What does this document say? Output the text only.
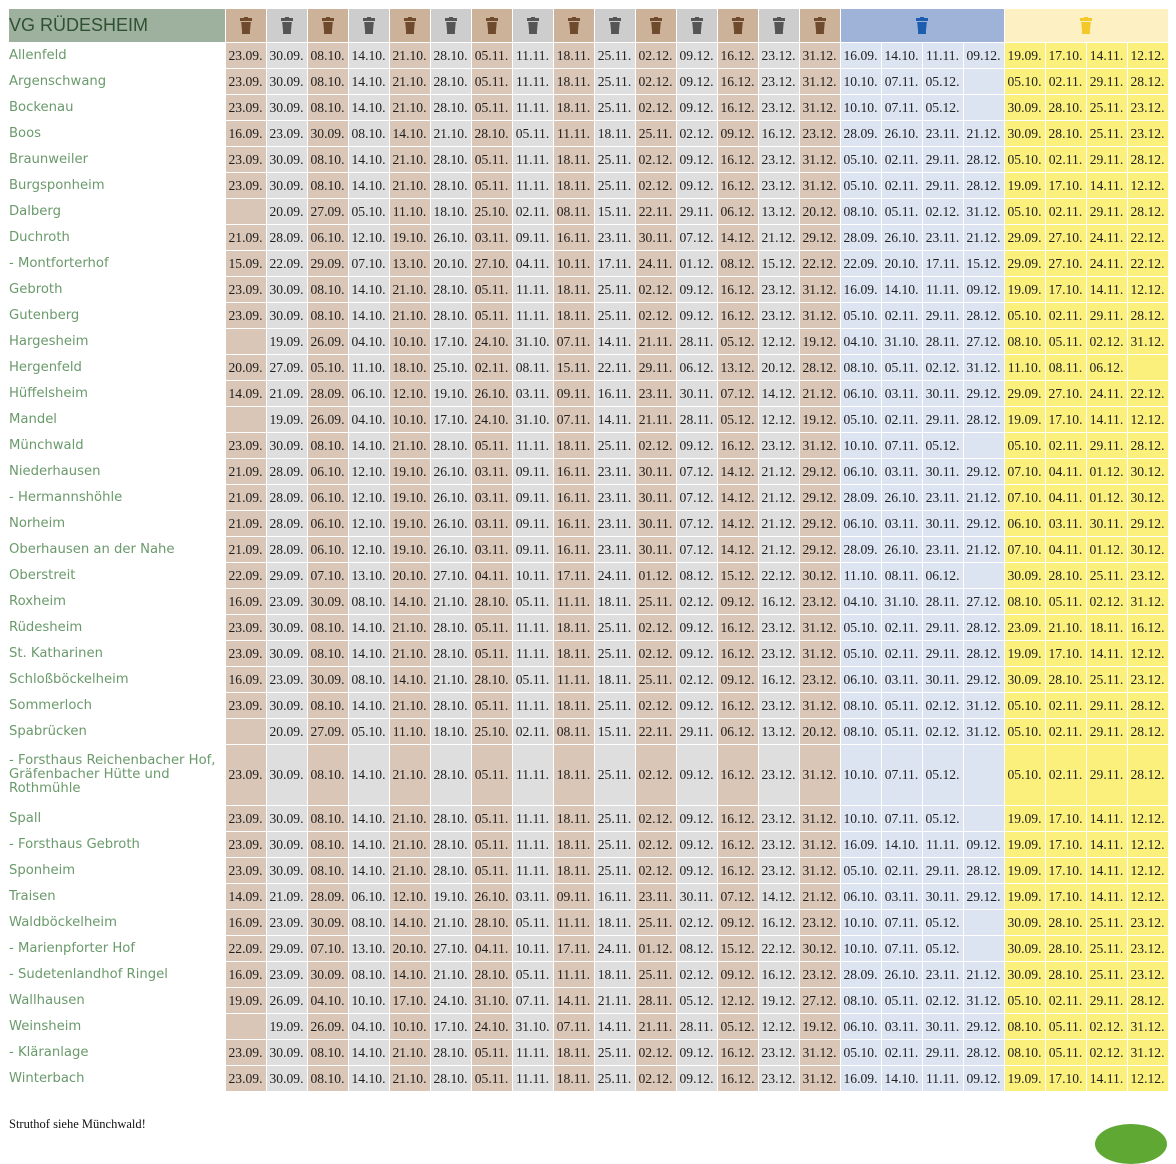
VG RÜDESHEIM	

Allenfeld	23.09.	30.09.	08.10.	14.10.	21.10.	28.10.	05.11.	11.11.	18.11.	25.11.	02.12.	09.12.	16.12.	23.12.	31.12.	16.09.	14.10.	11.11.	09.12.	19.09.	17.10.	14.11.	12.12.
Argenschwang	23.09.	30.09.	08.10.	14.10.	21.10.	28.10.	05.11.	11.11.	18.11.	25.11.	02.12.	09.12.	16.12.	23.12.	31.12.	10.10.	07.11.	05.12.		05.10.	02.11.	29.11.	28.12.
Bockenau	23.09.	30.09.	08.10.	14.10.	21.10.	28.10.	05.11.	11.11.	18.11.	25.11.	02.12.	09.12.	16.12.	23.12.	31.12.	10.10.	07.11.	05.12.		30.09.	28.10.	25.11.	23.12.
Boos	16.09.	23.09.	30.09.	08.10.	14.10.	21.10.	28.10.	05.11.	11.11.	18.11.	25.11.	02.12.	09.12.	16.12.	23.12.	28.09.	26.10.	23.11.	21.12.	30.09.	28.10.	25.11.	23.12.
Braunweiler	23.09.	30.09.	08.10.	14.10.	21.10.	28.10.	05.11.	11.11.	18.11.	25.11.	02.12.	09.12.	16.12.	23.12.	31.12.	05.10.	02.11.	29.11.	28.12.	05.10.	02.11.	29.11.	28.12.
Burgsponheim	23.09.	30.09.	08.10.	14.10.	21.10.	28.10.	05.11.	11.11.	18.11.	25.11.	02.12.	09.12.	16.12.	23.12.	31.12.	05.10.	02.11.	29.11.	28.12.	19.09.	17.10.	14.11.	12.12.
Dalberg		20.09.	27.09.	05.10.	11.10.	18.10.	25.10.	02.11.	08.11.	15.11.	22.11.	29.11.	06.12.	13.12.	20.12.	08.10.	05.11.	02.12.	31.12.	05.10.	02.11.	29.11.	28.12.
Duchroth	21.09.	28.09.	06.10.	12.10.	19.10.	26.10.	03.11.	09.11.	16.11.	23.11.	30.11.	07.12.	14.12.	21.12.	29.12.	28.09.	26.10.	23.11.	21.12.	29.09.	27.10.	24.11.	22.12.
- Montforterhof	15.09.	22.09.	29.09.	07.10.	13.10.	20.10.	27.10.	04.11.	10.11.	17.11.	24.11.	01.12.	08.12.	15.12.	22.12.	22.09.	20.10.	17.11.	15.12.	29.09.	27.10.	24.11.	22.12.
Gebroth	23.09.	30.09.	08.10.	14.10.	21.10.	28.10.	05.11.	11.11.	18.11.	25.11.	02.12.	09.12.	16.12.	23.12.	31.12.	16.09.	14.10.	11.11.	09.12.	19.09.	17.10.	14.11.	12.12.
Gutenberg	23.09.	30.09.	08.10.	14.10.	21.10.	28.10.	05.11.	11.11.	18.11.	25.11.	02.12.	09.12.	16.12.	23.12.	31.12.	05.10.	02.11.	29.11.	28.12.	05.10.	02.11.	29.11.	28.12.
Hargesheim		19.09.	26.09.	04.10.	10.10.	17.10.	24.10.	31.10.	07.11.	14.11.	21.11.	28.11.	05.12.	12.12.	19.12.	04.10.	31.10.	28.11.	27.12.	08.10.	05.11.	02.12.	31.12.
Hergenfeld	20.09.	27.09.	05.10.	11.10.	18.10.	25.10.	02.11.	08.11.	15.11.	22.11.	29.11.	06.12.	13.12.	20.12.	28.12.	08.10.	05.11.	02.12.	31.12.	11.10.	08.11.	06.12.	
Hüffelsheim	14.09.	21.09.	28.09.	06.10.	12.10.	19.10.	26.10.	03.11.	09.11.	16.11.	23.11.	30.11.	07.12.	14.12.	21.12.	06.10.	03.11.	30.11.	29.12.	29.09.	27.10.	24.11.	22.12.
Mandel		19.09.	26.09.	04.10.	10.10.	17.10.	24.10.	31.10.	07.11.	14.11.	21.11.	28.11.	05.12.	12.12.	19.12.	05.10.	02.11.	29.11.	28.12.	19.09.	17.10.	14.11.	12.12.
Münchwald	23.09.	30.09.	08.10.	14.10.	21.10.	28.10.	05.11.	11.11.	18.11.	25.11.	02.12.	09.12.	16.12.	23.12.	31.12.	10.10.	07.11.	05.12.		05.10.	02.11.	29.11.	28.12.
Niederhausen	21.09.	28.09.	06.10.	12.10.	19.10.	26.10.	03.11.	09.11.	16.11.	23.11.	30.11.	07.12.	14.12.	21.12.	29.12.	06.10.	03.11.	30.11.	29.12.	07.10.	04.11.	01.12.	30.12.
- Hermannshöhle	21.09.	28.09.	06.10.	12.10.	19.10.	26.10.	03.11.	09.11.	16.11.	23.11.	30.11.	07.12.	14.12.	21.12.	29.12.	28.09.	26.10.	23.11.	21.12.	07.10.	04.11.	01.12.	30.12.
Norheim	21.09.	28.09.	06.10.	12.10.	19.10.	26.10.	03.11.	09.11.	16.11.	23.11.	30.11.	07.12.	14.12.	21.12.	29.12.	06.10.	03.11.	30.11.	29.12.	06.10.	03.11.	30.11.	29.12.
Oberhausen an der Nahe	21.09.	28.09.	06.10.	12.10.	19.10.	26.10.	03.11.	09.11.	16.11.	23.11.	30.11.	07.12.	14.12.	21.12.	29.12.	28.09.	26.10.	23.11.	21.12.	07.10.	04.11.	01.12.	30.12.
Oberstreit	22.09.	29.09.	07.10.	13.10.	20.10.	27.10.	04.11.	10.11.	17.11.	24.11.	01.12.	08.12.	15.12.	22.12.	30.12.	11.10.	08.11.	06.12.		30.09.	28.10.	25.11.	23.12.
Roxheim	16.09.	23.09.	30.09.	08.10.	14.10.	21.10.	28.10.	05.11.	11.11.	18.11.	25.11.	02.12.	09.12.	16.12.	23.12.	04.10.	31.10.	28.11.	27.12.	08.10.	05.11.	02.12.	31.12.
Rüdesheim	23.09.	30.09.	08.10.	14.10.	21.10.	28.10.	05.11.	11.11.	18.11.	25.11.	02.12.	09.12.	16.12.	23.12.	31.12.	05.10.	02.11.	29.11.	28.12.	23.09.	21.10.	18.11.	16.12.
St. Katharinen	23.09.	30.09.	08.10.	14.10.	21.10.	28.10.	05.11.	11.11.	18.11.	25.11.	02.12.	09.12.	16.12.	23.12.	31.12.	05.10.	02.11.	29.11.	28.12.	19.09.	17.10.	14.11.	12.12.
Schloßböckelheim	16.09.	23.09.	30.09.	08.10.	14.10.	21.10.	28.10.	05.11.	11.11.	18.11.	25.11.	02.12.	09.12.	16.12.	23.12.	06.10.	03.11.	30.11.	29.12.	30.09.	28.10.	25.11.	23.12.
Sommerloch	23.09.	30.09.	08.10.	14.10.	21.10.	28.10.	05.11.	11.11.	18.11.	25.11.	02.12.	09.12.	16.12.	23.12.	31.12.	08.10.	05.11.	02.12.	31.12.	05.10.	02.11.	29.11.	28.12.
Spabrücken		20.09.	27.09.	05.10.	11.10.	18.10.	25.10.	02.11.	08.11.	15.11.	22.11.	29.11.	06.12.	13.12.	20.12.	08.10.	05.11.	02.12.	31.12.	05.10.	02.11.	29.11.	28.12.
- Forsthaus Reichenbacher Hof,
Gräfenbacher Hütte und
Rothmühle	23.09.	30.09.	08.10.	14.10.	21.10.	28.10.	05.11.	11.11.	18.11.	25.11.	02.12.	09.12.	16.12.	23.12.	31.12.	10.10.	07.11.	05.12.		05.10.	02.11.	29.11.	28.12.
Spall	23.09.	30.09.	08.10.	14.10.	21.10.	28.10.	05.11.	11.11.	18.11.	25.11.	02.12.	09.12.	16.12.	23.12.	31.12.	10.10.	07.11.	05.12.		19.09.	17.10.	14.11.	12.12.
- Forsthaus Gebroth	23.09.	30.09.	08.10.	14.10.	21.10.	28.10.	05.11.	11.11.	18.11.	25.11.	02.12.	09.12.	16.12.	23.12.	31.12.	16.09.	14.10.	11.11.	09.12.	19.09.	17.10.	14.11.	12.12.
Sponheim	23.09.	30.09.	08.10.	14.10.	21.10.	28.10.	05.11.	11.11.	18.11.	25.11.	02.12.	09.12.	16.12.	23.12.	31.12.	05.10.	02.11.	29.11.	28.12.	19.09.	17.10.	14.11.	12.12.
Traisen	14.09.	21.09.	28.09.	06.10.	12.10.	19.10.	26.10.	03.11.	09.11.	16.11.	23.11.	30.11.	07.12.	14.12.	21.12.	06.10.	03.11.	30.11.	29.12.	19.09.	17.10.	14.11.	12.12.
Waldböckelheim	16.09.	23.09.	30.09.	08.10.	14.10.	21.10.	28.10.	05.11.	11.11.	18.11.	25.11.	02.12.	09.12.	16.12.	23.12.	10.10.	07.11.	05.12.		30.09.	28.10.	25.11.	23.12.
- Marienpforter Hof	22.09.	29.09.	07.10.	13.10.	20.10.	27.10.	04.11.	10.11.	17.11.	24.11.	01.12.	08.12.	15.12.	22.12.	30.12.	10.10.	07.11.	05.12.		30.09.	28.10.	25.11.	23.12.
- Sudetenlandhof Ringel	16.09.	23.09.	30.09.	08.10.	14.10.	21.10.	28.10.	05.11.	11.11.	18.11.	25.11.	02.12.	09.12.	16.12.	23.12.	28.09.	26.10.	23.11.	21.12.	30.09.	28.10.	25.11.	23.12.
Wallhausen	19.09.	26.09.	04.10.	10.10.	17.10.	24.10.	31.10.	07.11.	14.11.	21.11.	28.11.	05.12.	12.12.	19.12.	27.12.	08.10.	05.11.	02.12.	31.12.	05.10.	02.11.	29.11.	28.12.
Weinsheim		19.09.	26.09.	04.10.	10.10.	17.10.	24.10.	31.10.	07.11.	14.11.	21.11.	28.11.	05.12.	12.12.	19.12.	06.10.	03.11.	30.11.	29.12.	08.10.	05.11.	02.12.	31.12.
- Kläranlage	23.09.	30.09.	08.10.	14.10.	21.10.	28.10.	05.11.	11.11.	18.11.	25.11.	02.12.	09.12.	16.12.	23.12.	31.12.	05.10.	02.11.	29.11.	28.12.	08.10.	05.11.	02.12.	31.12.
Winterbach	23.09.	30.09.	08.10.	14.10.	21.10.	28.10.	05.11.	11.11.	18.11.	25.11.	02.12.	09.12.	16.12.	23.12.	31.12.	16.09.	14.10.	11.11.	09.12.	19.09.	17.10.	14.11.	12.12.
Struthof siehe Münchwald!
